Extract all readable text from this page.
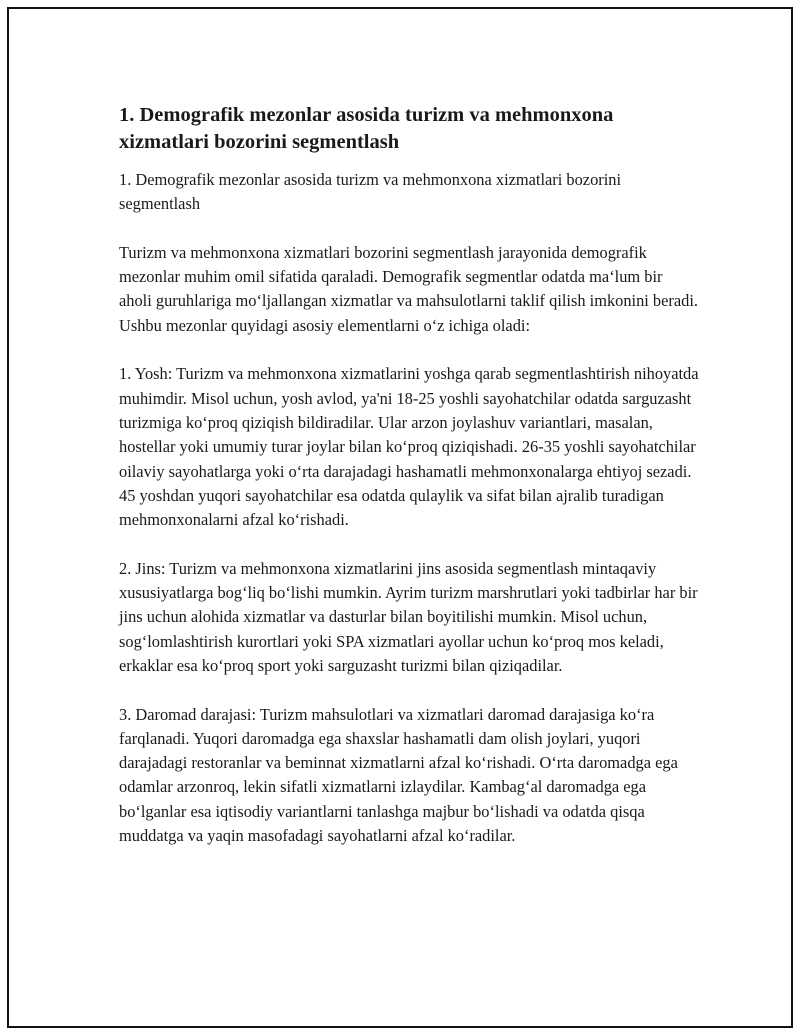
1. Demografik mezonlar asosida turizm va mehmonxona xizmatlari bozorini segmentlash

1. Demografik mezonlar asosida turizm va mehmonxona xizmatlari bozorini segmentlash

Turizm va mehmonxona xizmatlari bozorini segmentlash jarayonida demografik mezonlar muhim omil sifatida qaraladi. Demografik segmentlar odatda ma‘lum bir aholi guruhlariga mo‘ljallangan xizmatlar va mahsulotlarni taklif qilish imkonini beradi. Ushbu mezonlar quyidagi asosiy elementlarni o‘z ichiga oladi:

1. Yosh: Turizm va mehmonxona xizmatlarini yoshga qarab segmentlashtirish nihoyatda muhimdir. Misol uchun, yosh avlod, ya'ni 18-25 yoshli sayohatchilar odatda sarguzasht turizmiga ko‘proq qiziqish bildiradilar. Ular arzon joylashuv variantlari, masalan, hostellar yoki umumiy turar joylar bilan ko‘proq qiziqishadi. 26-35 yoshli sayohatchilar oilaviy sayohatlarga yoki o‘rta darajadagi hashamatli mehmonxonalarga ehtiyoj sezadi. 45 yoshdan yuqori sayohatchilar esa odatda qulaylik va sifat bilan ajralib turadigan mehmonxonalarni afzal ko‘rishadi.

2. Jins: Turizm va mehmonxona xizmatlarini jins asosida segmentlash mintaqaviy xususiyatlarga bog‘liq bo‘lishi mumkin. Ayrim turizm marshrutlari yoki tadbirlar har bir jins uchun alohida xizmatlar va dasturlar bilan boyitilishi mumkin. Misol uchun, sog‘lomlashtirish kurortlari yoki SPA xizmatlari ayollar uchun ko‘proq mos keladi, erkaklar esa ko‘proq sport yoki sarguzasht turizmi bilan qiziqadilar.

3. Daromad darajasi: Turizm mahsulotlari va xizmatlari daromad darajasiga ko‘ra farqlanadi. Yuqori daromadga ega shaxslar hashamatli dam olish joylari, yuqori darajadagi restoranlar va beminnat xizmatlarni afzal ko‘rishadi. O‘rta daromadga ega odamlar arzonroq, lekin sifatli xizmatlarni izlaydilar. Kambag‘al daromadga ega bo‘lganlar esa iqtisodiy variantlarni tanlashga majbur bo‘lishadi va odatda qisqa muddatga va yaqin masofadagi sayohatlarni afzal ko‘radilar.
